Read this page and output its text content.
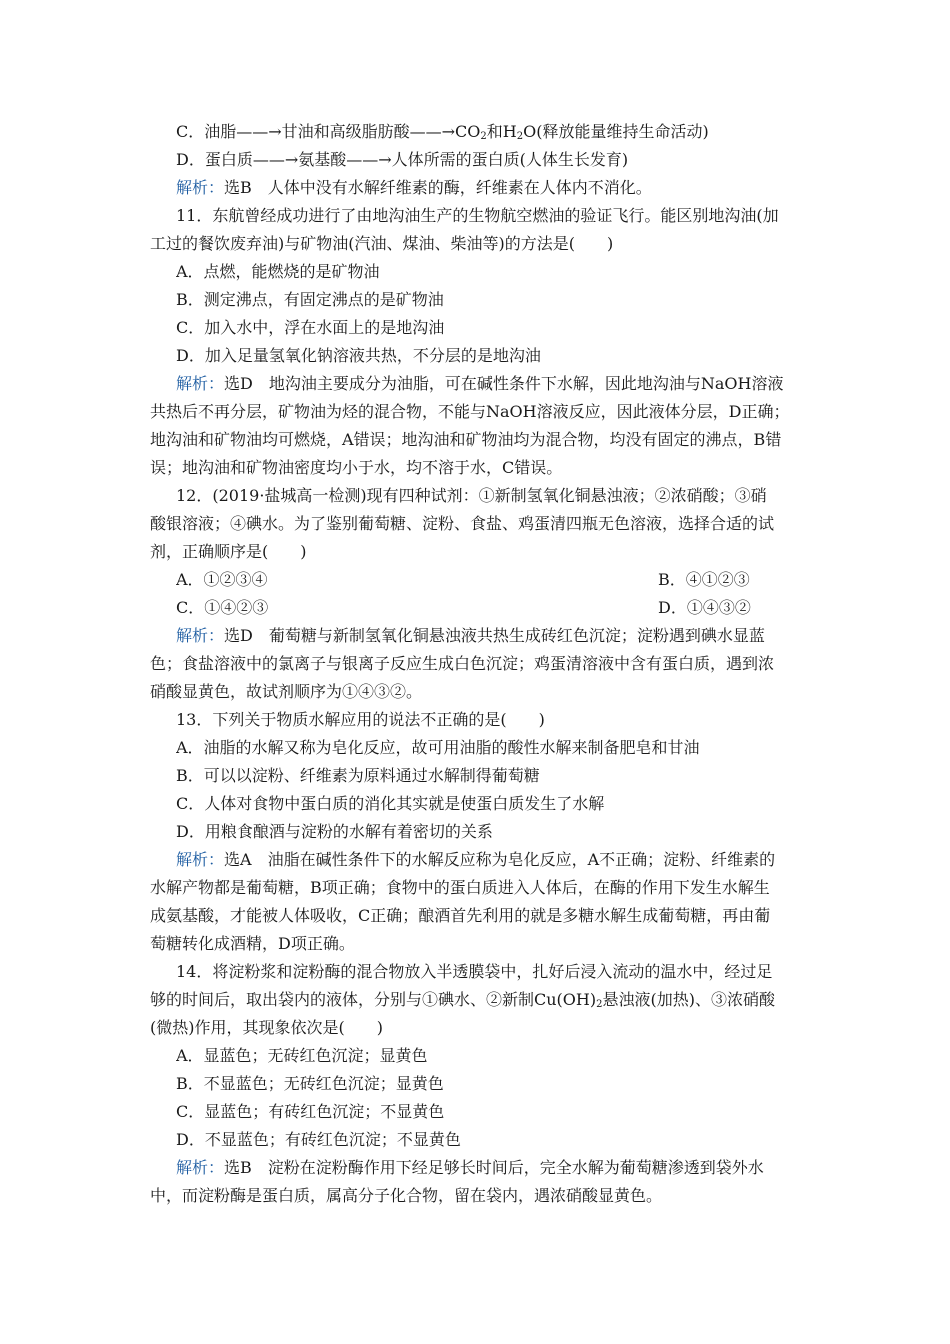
C．油脂——→甘油和高级脂肪酸$——\to CO_2$和$H_2O$(释放能量维持生命活动)
D．蛋白质——→氨基酸——→人体所需的蛋白质(人体生长发育)
解析：选B　人体中没有水解纤维素的酶，纤维素在人体内不消化。
11．东航曾经成功进行了由地沟油生产的生物航空燃油的验证飞行。能区别地沟油(加
工过的餐饮废弃油)与矿物油(汽油、煤油、柴油等)的方法是(　　)
A．点燃，能燃烧的是矿物油
B．测定沸点，有固定沸点的是矿物油
C．加入水中，浮在水面上的是地沟油
D．加入足量氢氧化钠溶液共热，不分层的是地沟油
解析：选D　地沟油主要成分为油脂，可在碱性条件下水解，因此地沟油与NaOH溶液
共热后不再分层，矿物油为烃的混合物，不能与NaOH溶液反应，因此液体分层，D正确；
地沟油和矿物油均可燃烧，A错误；地沟油和矿物油均为混合物，均没有固定的沸点，B错
误；地沟油和矿物油密度均小于水，均不溶于水，C错误。
12．(2019·盐城高一检测)现有四种试剂：①新制氢氧化铜悬浊液；②浓硝酸；③硝
酸银溶液；④碘水。为了鉴别葡萄糖、淀粉、食盐、鸡蛋清四瓶无色溶液，选择合适的试
剂，正确顺序是(　　)
A．①②③④	B．④①②③
C．①④②③	D．①④③②
解析：选D　葡萄糖与新制氢氧化铜悬浊液共热生成砖红色沉淀；淀粉遇到碘水显蓝
色；食盐溶液中的氯离子与银离子反应生成白色沉淀；鸡蛋清溶液中含有蛋白质，遇到浓
硝酸显黄色，故试剂顺序为①④③②。
13．下列关于物质水解应用的说法不正确的是(　　)
A．油脂的水解又称为皂化反应，故可用油脂的酸性水解来制备肥皂和甘油
B．可以以淀粉、纤维素为原料通过水解制得葡萄糖
C．人体对食物中蛋白质的消化其实就是使蛋白质发生了水解
D．用粮食酿酒与淀粉的水解有着密切的关系
解析：选A　油脂在碱性条件下的水解反应称为皂化反应，A不正确；淀粉、纤维素的
水解产物都是葡萄糖，B项正确；食物中的蛋白质进入人体后，在酶的作用下发生水解生
成氨基酸，才能被人体吸收，C正确；酿酒首先利用的就是多糖水解生成葡萄糖，再由葡
萄糖转化成酒精，D项正确。
14．将淀粉浆和淀粉酶的混合物放入半透膜袋中，扎好后浸入流动的温水中，经过足
够的时间后，取出袋内的液体，分别与①碘水、②新制$Cu(OH)_2$悬浊液(加热)、③浓硝酸
(微热)作用，其现象依次是(　　)
A．显蓝色；无砖红色沉淀；显黄色
B．不显蓝色；无砖红色沉淀；显黄色
C．显蓝色；有砖红色沉淀；不显黄色
D．不显蓝色；有砖红色沉淀；不显黄色
解析：选B　淀粉在淀粉酶作用下经足够长时间后，完全水解为葡萄糖渗透到袋外水
中，而淀粉酶是蛋白质，属高分子化合物，留在袋内，遇浓硝酸显黄色。
